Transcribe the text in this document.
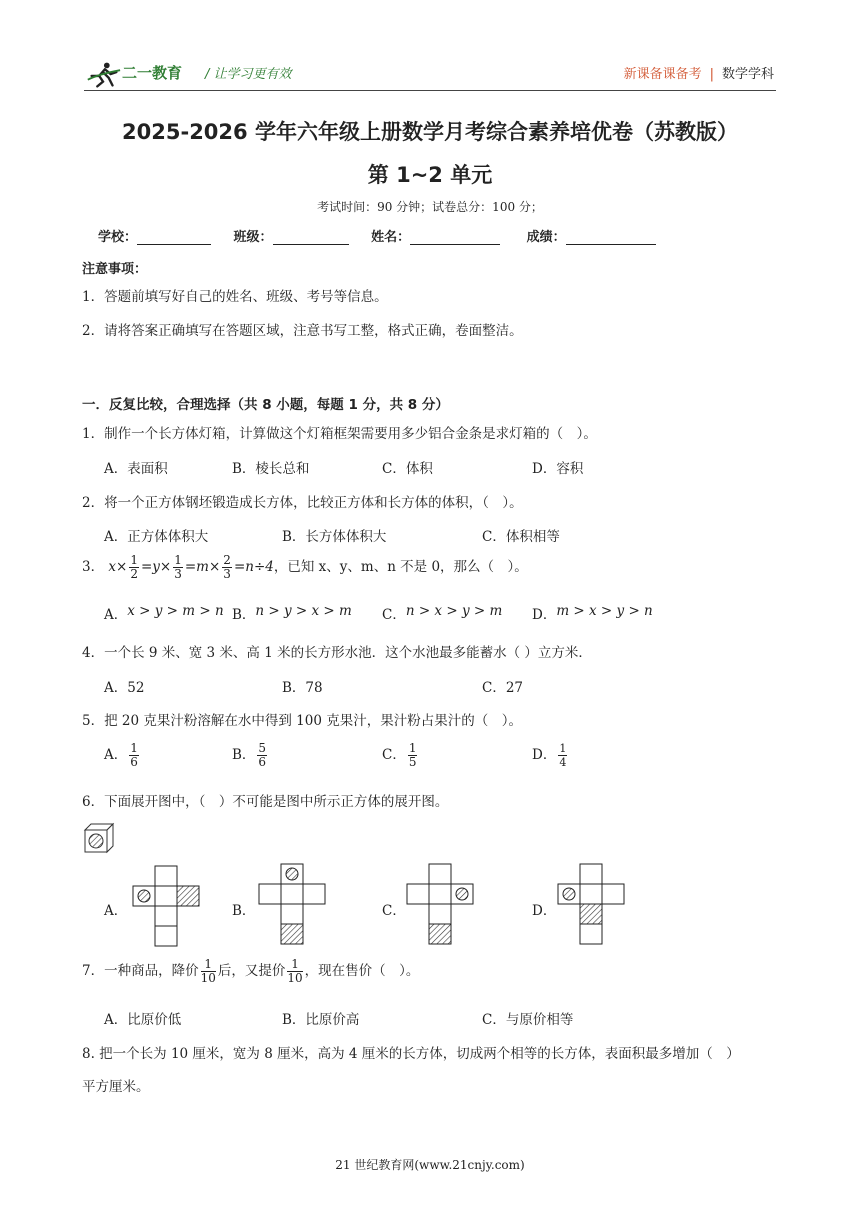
二一教育 / 让学习更有效	新课备课备考 | 数学学科
2025-2026 学年六年级上册数学月考综合素养培优卷（苏教版）
第 1~2 单元
考试时间：90 分钟；试卷总分：100 分；
学校：	班级：	姓名：	成绩：
注意事项：
1．答题前填写好自己的姓名、班级、考号等信息。
2．请将答案正确填写在答题区域，注意书写工整，格式正确，卷面整洁。
一．反复比较，合理选择（共 8 小题，每题 1 分，共 8 分）
1．制作一个长方体灯箱，计算做这个灯箱框架需要用多少铝合金条是求灯箱的（　）。
A．表面积	B．棱长总和	C．体积	D．容积
2．将一个正方体钢坯锻造成长方体，比较正方体和长方体的体积，（　）。
A．正方体体积大	B．长方体体积大	C．体积相等
3． $x\times \frac{1}{2} =y\times \frac{1}{3} =m\times \frac{2}{3} =n\div 4$，已知 x、y、m、n 不是 0，那么（　）。
A．x > y > m > n B．n > y > x > m C．n > x > y > m D．m > x > y > n
4．一个长 9 米、宽 3 米、高 1 米的长方形水池．这个水池最多能蓄水（ ）立方米．
A．52	B．78	C．27
5．把 20 克果汁粉溶解在水中得到 100 克果汁，果汁粉占果汁的（　）。
A． $\frac{1}{6}$	B． $\frac{5}{6}$	C． $\frac{1}{5}$	D． $\frac{1}{4}$
6．下面展开图中，（　）不可能是图中所示正方体的展开图。
A．	B．	C．	D．
7．一种商品，降价 $\frac{1}{10}$ 后，又提价 $\frac{1}{10}$ ，现在售价（　）。
A．比原价低	B．比原价高	C．与原价相等
8. 把一个长为 10 厘米，宽为 8 厘米，高为 4 厘米的长方体，切成两个相等的长方体，表面积最多增加（　）
平方厘米。
21 世纪教育网(www.21cnjy.com)
